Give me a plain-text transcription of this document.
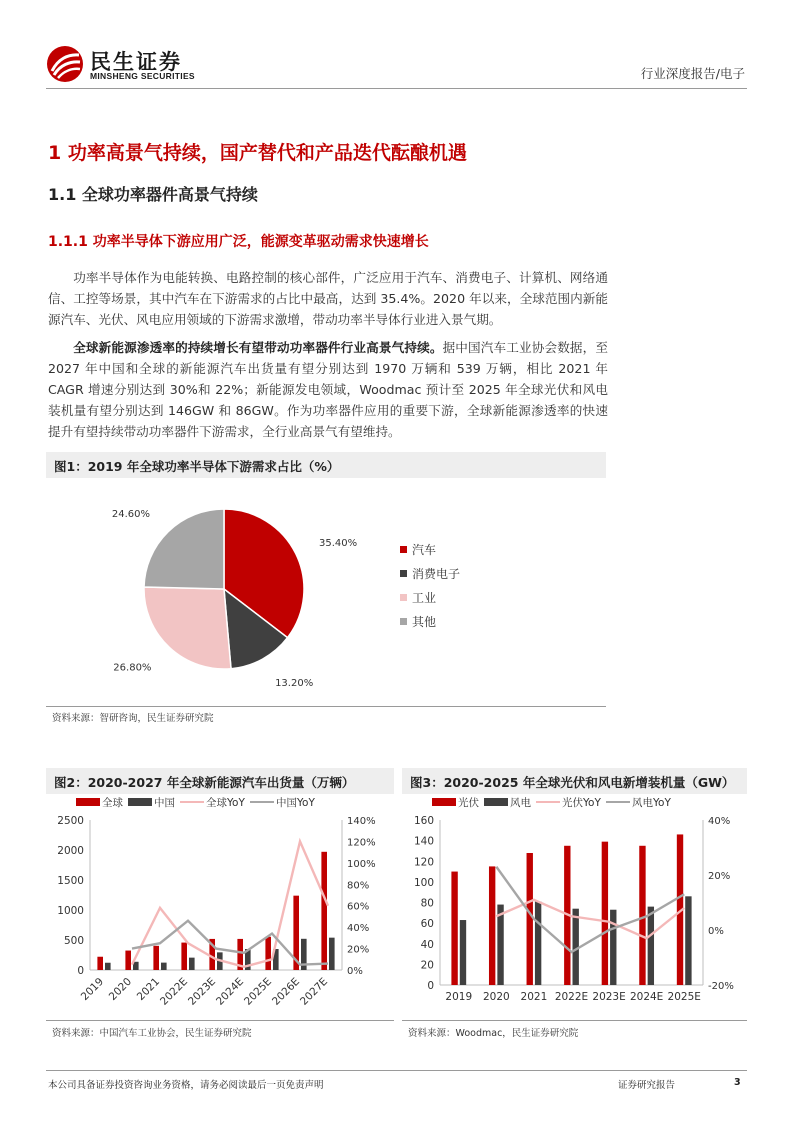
民生证券
MINSHENG SECURITIES	行业深度报告/电子
1 功率高景气持续，国产替代和产品迭代酝酿机遇
1.1 全球功率器件高景气持续
1.1.1 功率半导体下游应用广泛，能源变革驱动需求快速增长
功率半导体作为电能转换、电路控制的核心部件，广泛应用于汽车、消费电子、计算机、网络通信、工控等场景，其中汽车在下游需求的占比中最高，达到 35.4%。2020 年以来，全球范围内新能源汽车、光伏、风电应用领域的下游需求激增，带动功率半导体行业进入景气期。
全球新能源渗透率的持续增长有望带动功率器件行业高景气持续。据中国汽车工业协会数据，至 2027 年中国和全球的新能源汽车出货量有望分别达到 1970 万辆和 539 万辆，相比 2021 年 CAGR 增速分别达到 30%和 22%；新能源发电领域，Woodmac 预计至 2025 年全球光伏和风电装机量有望分别达到 146GW 和 86GW。作为功率器件应用的重要下游，全球新能源渗透率的快速提升有望持续带动功率器件下游需求，全行业高景气有望维持。
图1：2019 年全球功率半导体下游需求占比（%）
35.40%
13.20%
26.80%
24.60%
汽车
消费电子
工业
其他
资料来源：智研咨询，民生证券研究院
图2：2020-2027 年全球新能源汽车出货量（万辆）
全球	中国	全球YoY	中国YoY
0
500
1000
1500
2000
2500
0%
20%
40%
60%
80%
100%
120%
140%
2019 2020 2021
2022E
2023E
2024E
2025E
2026E
2027E
资料来源：中国汽车工业协会，民生证券研究院
图3：2020-2025 年全球光伏和风电新增装机量（GW）
光伏	风电	光伏YoY	风电YoY
0
20
40
60
80
100
120
140
160
-20%
0%
20%
40%
2019 2020 2021 2022E 2023E 2024E 2025E
资料来源：Woodmac，民生证券研究院
本公司具备证券投资咨询业务资格，请务必阅读最后一页免责声明	证券研究报告	3
